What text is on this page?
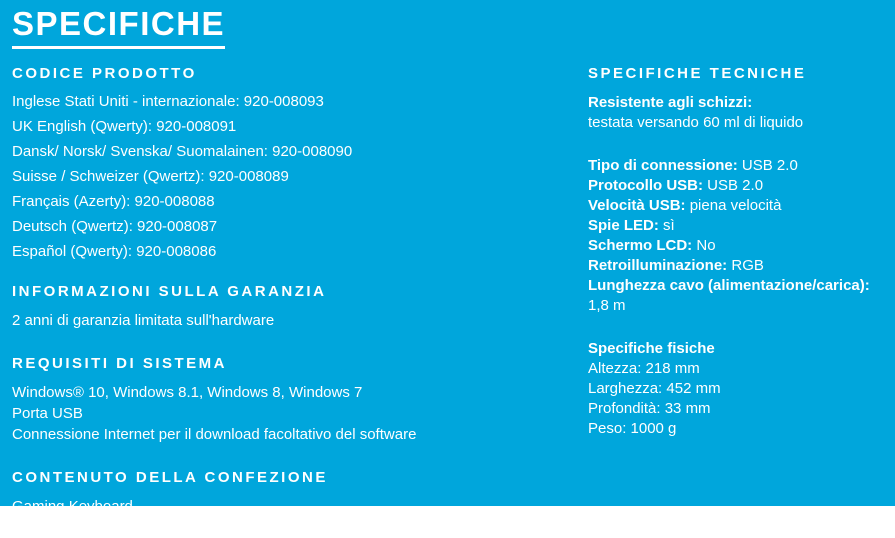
SPECIFICHE
CODICE PRODOTTO

Inglese Stati Uniti - internazionale: 920-008093

UK English (Qwerty): 920-008091

Dansk/ Norsk/ Svenska/ Suomalainen: 920-008090

Suisse / Schweizer (Qwertz): 920-008089

Français (Azerty): 920-008088

Deutsch (Qwertz): 920-008087

Español (Qwerty): 920-008086

INFORMAZIONI SULLA GARANZIA

2 anni di garanzia limitata sull'hardware

REQUISITI DI SISTEMA

Windows® 10, Windows 8.1, Windows 8, Windows 7

Porta USB

Connessione Internet per il download facoltativo del software

CONTENUTO DELLA CONFEZIONE

Gaming Keyboard

Documentazione per l'utente

SPECIFICHE TECNICHE

Resistente agli schizzi:

testata versando 60 ml di liquido

Tipo di connessione: USB 2.0

Protocollo USB: USB 2.0

Velocità USB: piena velocità

Spie LED: sì

Schermo LCD: No

Retroilluminazione: RGB

Lunghezza cavo (alimentazione/carica): 1,8 m

Specifiche fisiche

Altezza: 218 mm

Larghezza: 452 mm

Profondità: 33 mm

Peso: 1000 g
